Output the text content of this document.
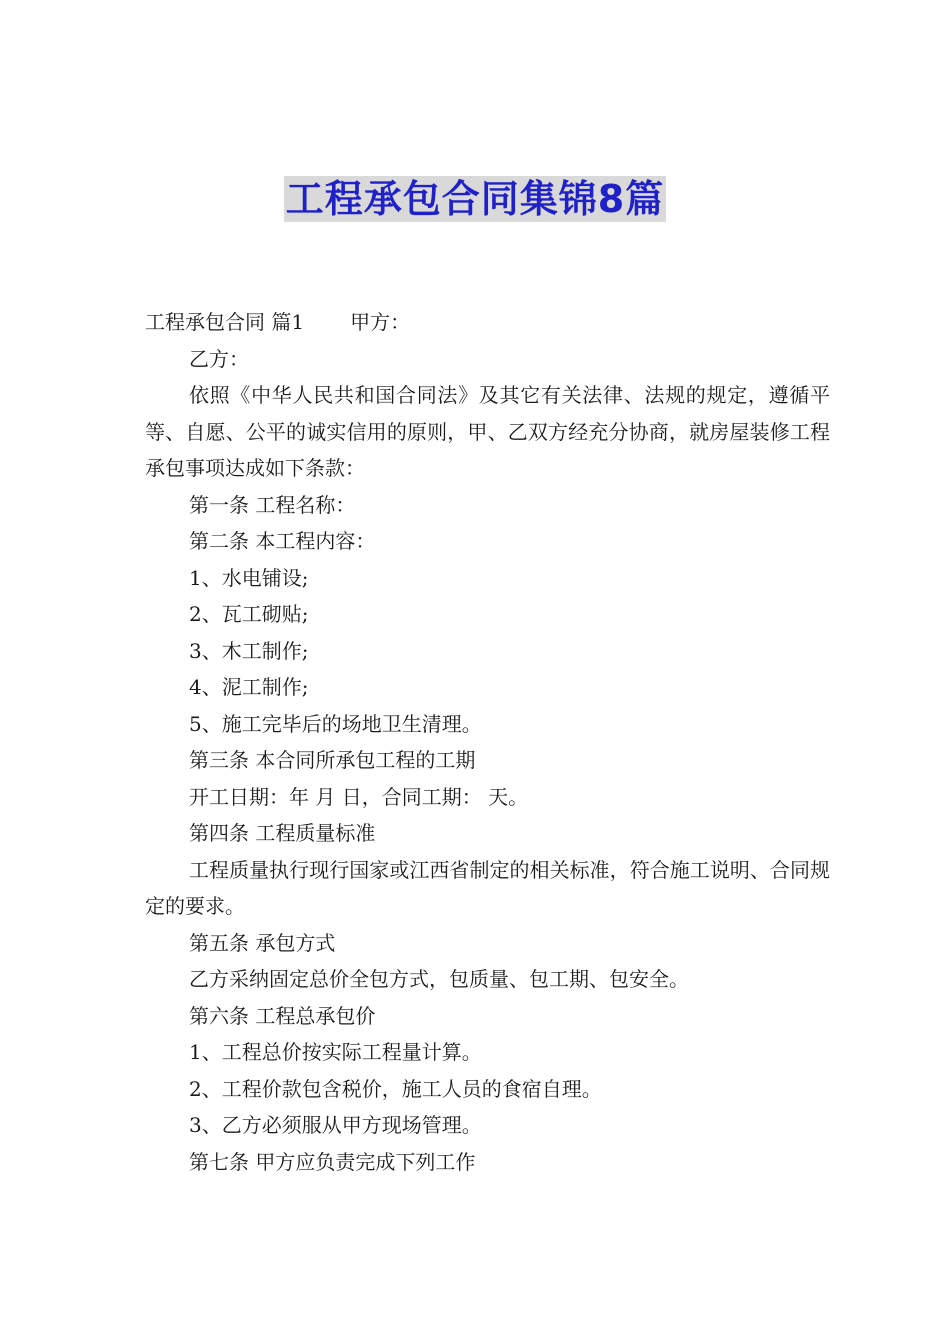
工程承包合同集锦8篇

工程承包合同 篇1 甲方：

乙方：

依照《中华人民共和国合同法》及其它有关法律、法规的规定，遵循平等、自愿、公平的诚实信用的原则，甲、乙双方经充分协商，就房屋装修工程承包事项达成如下条款：

第一条 工程名称：

第二条 本工程内容：

1、水电铺设;

2、瓦工砌贴;

3、木工制作;

4、泥工制作;

5、施工完毕后的场地卫生清理。

第三条 本合同所承包工程的工期

开工日期：年 月 日，合同工期： 天。

第四条 工程质量标准

工程质量执行现行国家或江西省制定的相关标准，符合施工说明、合同规定的要求。

第五条 承包方式

乙方采纳固定总价全包方式，包质量、包工期、包安全。

第六条 工程总承包价

1、工程总价按实际工程量计算。

2、工程价款包含税价，施工人员的食宿自理。

3、乙方必须服从甲方现场管理。

第七条 甲方应负责完成下列工作
